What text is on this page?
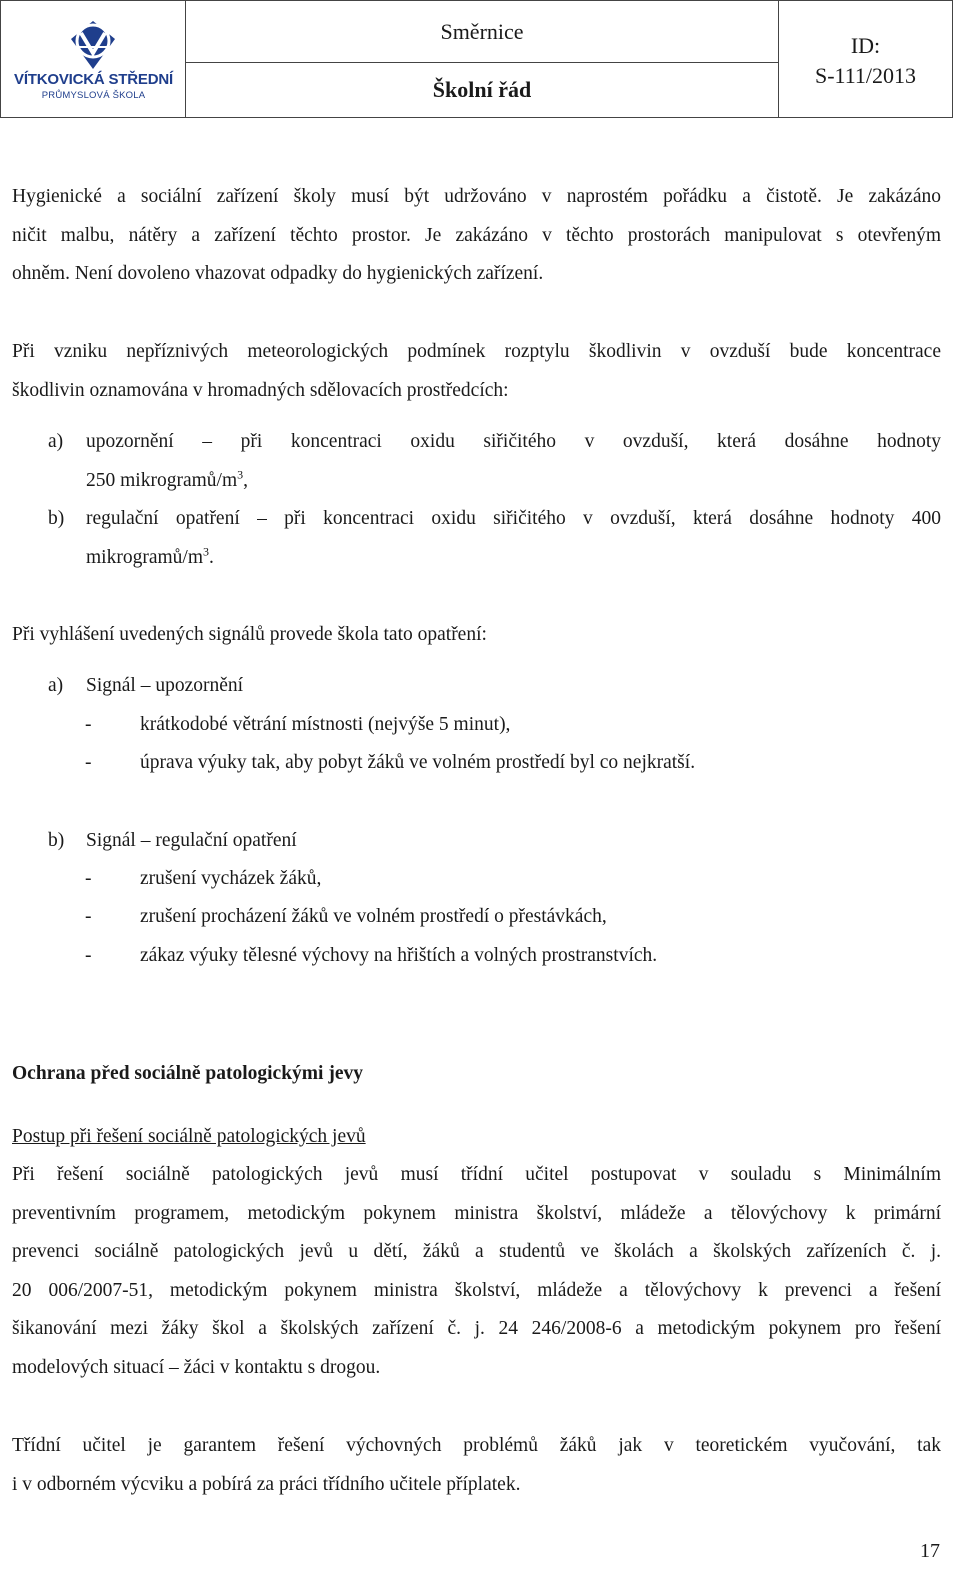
VÍTKOVICKÁ STŘEDNÍ
PRŮMYSLOVÁ ŠKOLA
Směrnice
Školní řád
ID:
S-111/2013
Hygienické a sociální zařízení školy musí být udržováno v naprostém pořádku a čistotě. Je zakázáno
ničit malbu, nátěry a zařízení těchto prostor. Je zakázáno v těchto prostorách manipulovat s otevřeným
ohněm. Není dovoleno vhazovat odpadky do hygienických zařízení.
Při vzniku nepříznivých meteorologických podmínek rozptylu škodlivin v ovzduší bude koncentrace
škodlivin oznamována v hromadných sdělovacích prostředcích:
a) upozornění – při koncentraci oxidu siřičitého v ovzduší, která dosáhne hodnoty
250 mikrogramů/$m^3$,
b) regulační opatření – při koncentraci oxidu siřičitého v ovzduší, která dosáhne hodnoty 400
mikrogramů/$m^3$.
Při vyhlášení uvedených signálů provede škola tato opatření:
a) Signál – upozornění
- krátkodobé větrání místnosti (nejvýše 5 minut),
- úprava výuky tak, aby pobyt žáků ve volném prostředí byl co nejkratší.
b) Signál – regulační opatření
- zrušení vycházek žáků,
- zrušení procházení žáků ve volném prostředí o přestávkách,
- zákaz výuky tělesné výchovy na hřištích a volných prostranstvích.
Ochrana před sociálně patologickými jevy
Postup při řešení sociálně patologických jevů
Při řešení sociálně patologických jevů musí třídní učitel postupovat v souladu s Minimálním
preventivním programem, metodickým pokynem ministra školství, mládeže a tělovýchovy k primární
prevenci sociálně patologických jevů u dětí, žáků a studentů ve školách a školských zařízeních č. j.
20 006/2007-51, metodickým pokynem ministra školství, mládeže a tělovýchovy k prevenci a řešení
šikanování mezi žáky škol a školských zařízení č. j. 24 246/2008-6 a metodickým pokynem pro řešení
modelových situací – žáci v kontaktu s drogou.
Třídní učitel je garantem řešení výchovných problémů žáků jak v teoretickém vyučování, tak
i v odborném výcviku a pobírá za práci třídního učitele příplatek.
17
